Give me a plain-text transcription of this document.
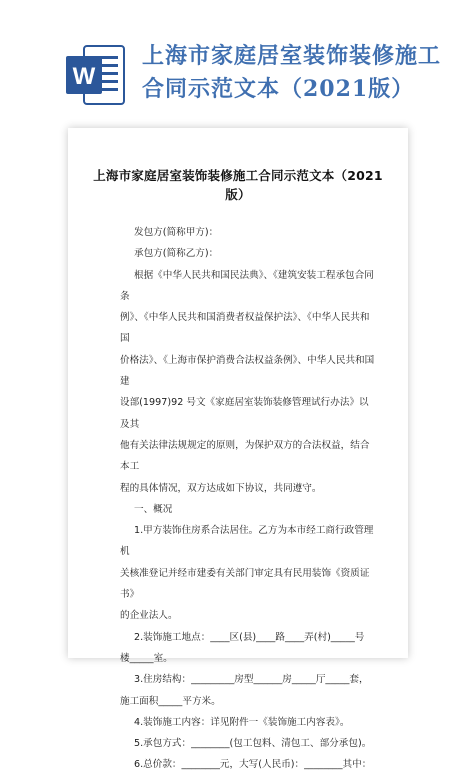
W
上海市家庭居室装饰装修施工
合同示范文本（2021版）
上海市家庭居室装饰装修施工合同示范文本（2021
版）

发包方(简称甲方)：

承包方(简称乙方)：

根据《中华人民共和国民法典》、《建筑安装工程承包合同条

例》、《中华人民共和国消费者权益保护法》、《中华人民共和国

价格法》、《上海市保护消费合法权益条例》、中华人民共和国建

设部(1997)92 号文《家庭居室装饰装修管理试行办法》以及其

他有关法律法规规定的原则，为保护双方的合法权益，结合本工

程的具体情况，双方达成如下协议，共同遵守。

一、概况

1.甲方装饰住房系合法居住。乙方为本市经工商行政管理机

关核准登记并经市建委有关部门审定具有民用装饰《资质证书》

的企业法人。

2.装饰施工地点：____区(县)____路____弄(村)_____号

楼_____室。

3.住房结构：_________房型______房_____厅_____套，

施工面积_____平方米。

4.装饰施工内容：详见附件一《装饰施工内容表》。

5.承包方式：________(包工包料、清包工、部分承包)。

6.总价款：________元，大写(人民币)：________其中：
